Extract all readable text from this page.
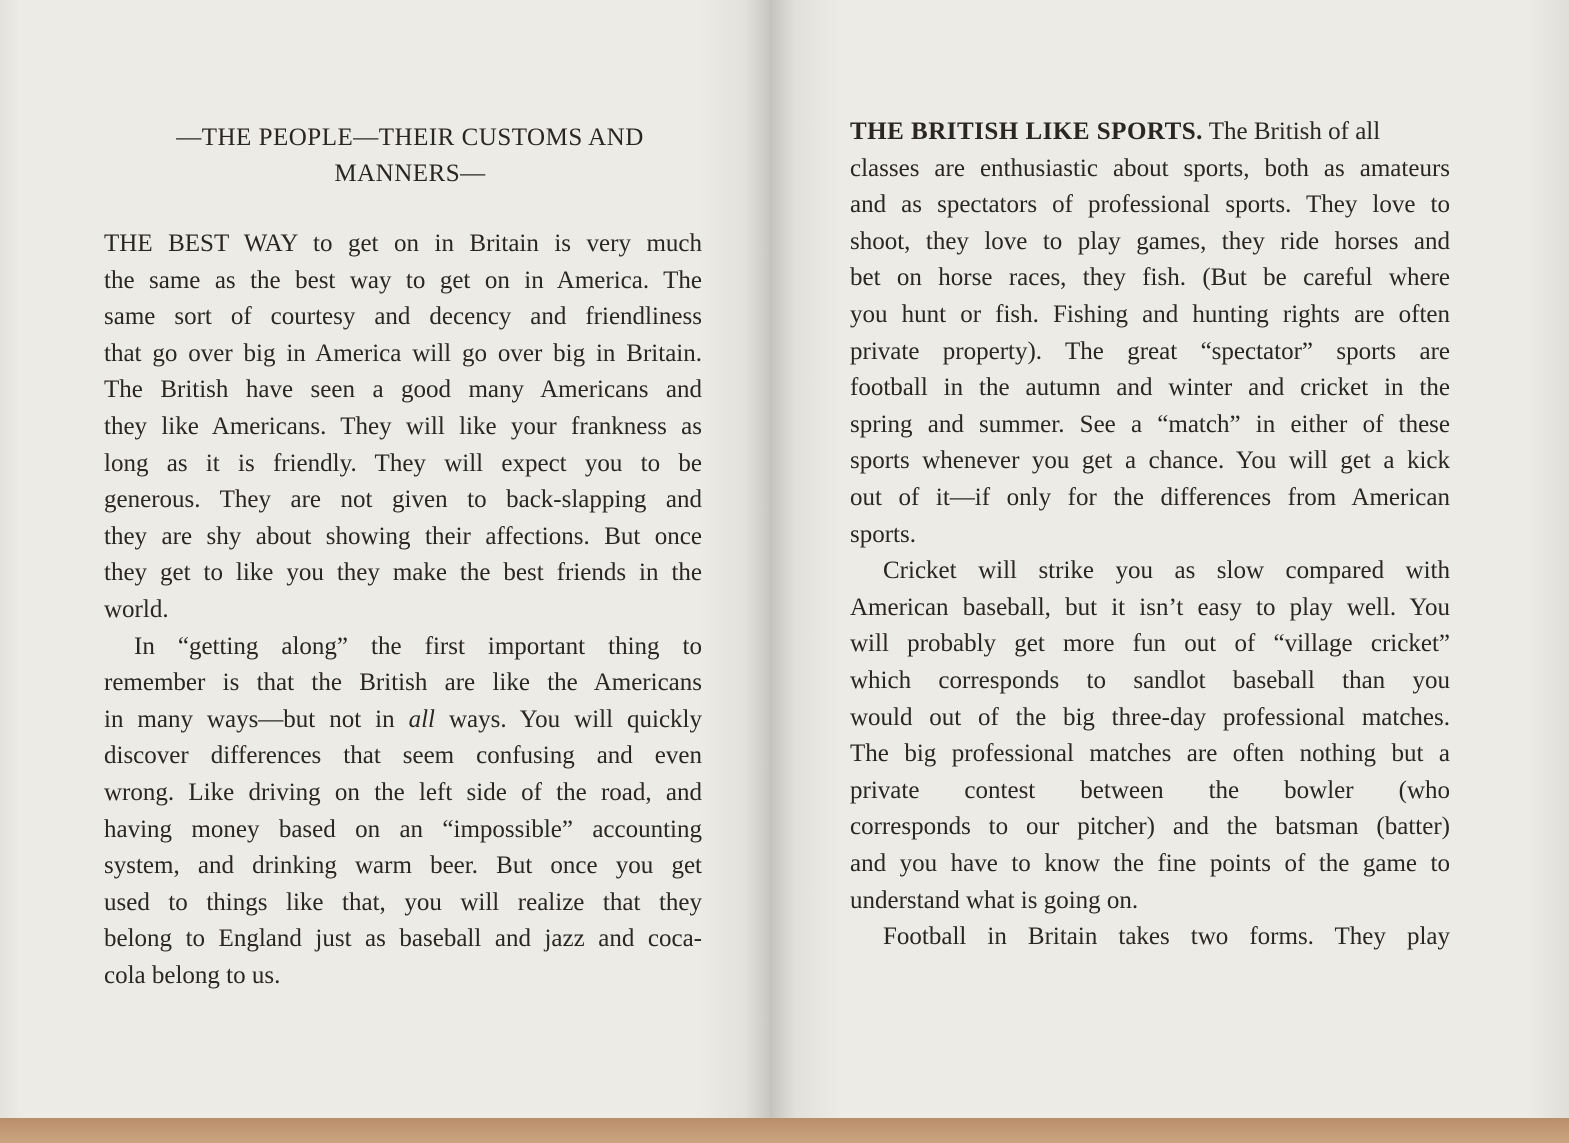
—THE PEOPLE—THEIR CUSTOMS AND
MANNERS—
THE BEST WAY to get on in Britain is very much
the same as the best way to get on in America. The
same sort of courtesy and decency and friendliness
that go over big in America will go over big in Britain.
The British have seen a good many Americans and
they like Americans. They will like your frankness as
long as it is friendly. They will expect you to be
generous. They are not given to back-slapping and
they are shy about showing their affections. But once
they get to like you they make the best friends in the
world.
In “getting along” the first important thing to
remember is that the British are like the Americans
in many ways—but not in all ways. You will quickly
discover differences that seem confusing and even
wrong. Like driving on the left side of the road, and
having money based on an “impossible” accounting
system, and drinking warm beer. But once you get
used to things like that, you will realize that they
belong to England just as baseball and jazz and coca-
cola belong to us.
THE BRITISH LIKE SPORTS. The British of all
classes are enthusiastic about sports, both as amateurs
and as spectators of professional sports. They love to
shoot, they love to play games, they ride horses and
bet on horse races, they fish. (But be careful where
you hunt or fish. Fishing and hunting rights are often
private property). The great “spectator” sports are
football in the autumn and winter and cricket in the
spring and summer. See a “match” in either of these
sports whenever you get a chance. You will get a kick
out of it—if only for the differences from American
sports.
Cricket will strike you as slow compared with
American baseball, but it isn’t easy to play well. You
will probably get more fun out of “village cricket”
which corresponds to sandlot baseball than you
would out of the big three-day professional matches.
The big professional matches are often nothing but a
private contest between the bowler (who
corresponds to our pitcher) and the batsman (batter)
and you have to know the fine points of the game to
understand what is going on.
Football in Britain takes two forms. They play
